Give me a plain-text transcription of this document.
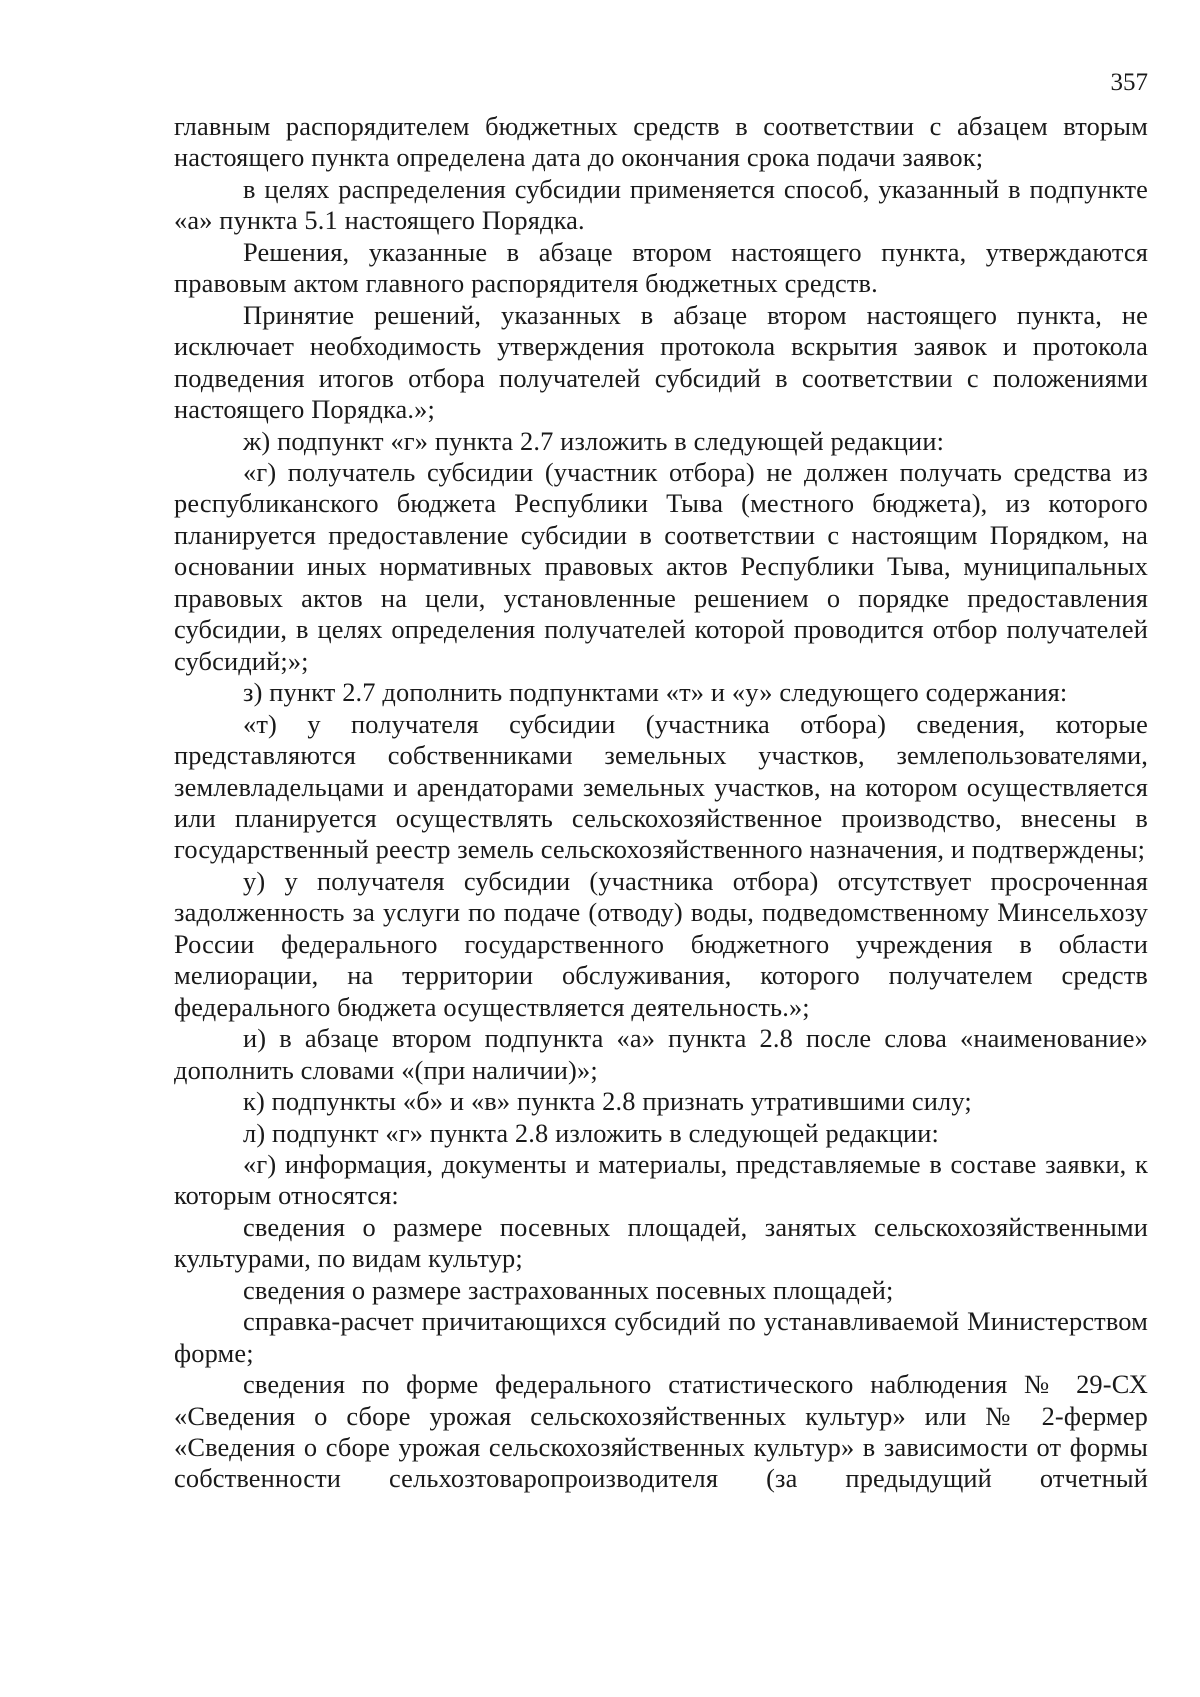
357

главным распорядителем бюджетных средств в соответствии с абзацем вторым настоящего пункта определена дата до окончания срока подачи заявок;

в целях распределения субсидии применяется способ, указанный в подпункте «а» пункта 5.1 настоящего Порядка.

Решения, указанные в абзаце втором настоящего пункта, утверждаются правовым актом главного распорядителя бюджетных средств.

Принятие решений, указанных в абзаце втором настоящего пункта, не исключает необходимость утверждения протокола вскрытия заявок и протокола подведения итогов отбора получателей субсидий в соответствии с положениями настоящего Порядка.»;

ж) подпункт «г» пункта 2.7 изложить в следующей редакции:

«г) получатель субсидии (участник отбора) не должен получать средства из республиканского бюджета Республики Тыва (местного бюджета), из которого планируется предоставление субсидии в соответствии с настоящим Порядком, на основании иных нормативных правовых актов Республики Тыва, муниципальных правовых актов на цели, установленные решением о порядке предоставления субсидии, в целях определения получателей которой проводится отбор получателей субсидий;»;

з) пункт 2.7 дополнить подпунктами «т» и «у» следующего содержания:

«т) у получателя субсидии (участника отбора) сведения, которые представляются собственниками земельных участков, землепользователями, землевладельцами и арендаторами земельных участков, на котором осуществляется или планируется осуществлять сельскохозяйственное производство, внесены в государственный реестр земель сельскохозяйственного назначения, и подтверждены;

у) у получателя субсидии (участника отбора) отсутствует просроченная задолженность за услуги по подаче (отводу) воды, подведомственному Минсельхозу России федерального государственного бюджетного учреждения в области мелиорации, на территории обслуживания, которого получателем средств федерального бюджета осуществляется деятельность.»;

и) в абзаце втором подпункта «а» пункта 2.8 после слова «наименование» дополнить словами «(при наличии)»;

к) подпункты «б» и «в» пункта 2.8 признать утратившими силу;

л) подпункт «г» пункта 2.8 изложить в следующей редакции:

«г) информация, документы и материалы, представляемые в составе заявки, к которым относятся:

сведения о размере посевных площадей, занятых сельскохозяйственными культурами, по видам культур;

сведения о размере застрахованных посевных площадей;

справка-расчет причитающихся субсидий по устанавливаемой Министерством форме;

сведения по форме федерального статистического наблюдения № 29-СХ «Сведения о сборе урожая сельскохозяйственных культур» или № 2-фермер «Сведения о сборе урожая сельскохозяйственных культур» в зависимости от формы собственности сельхозтоваропроизводителя (за предыдущий отчетный
